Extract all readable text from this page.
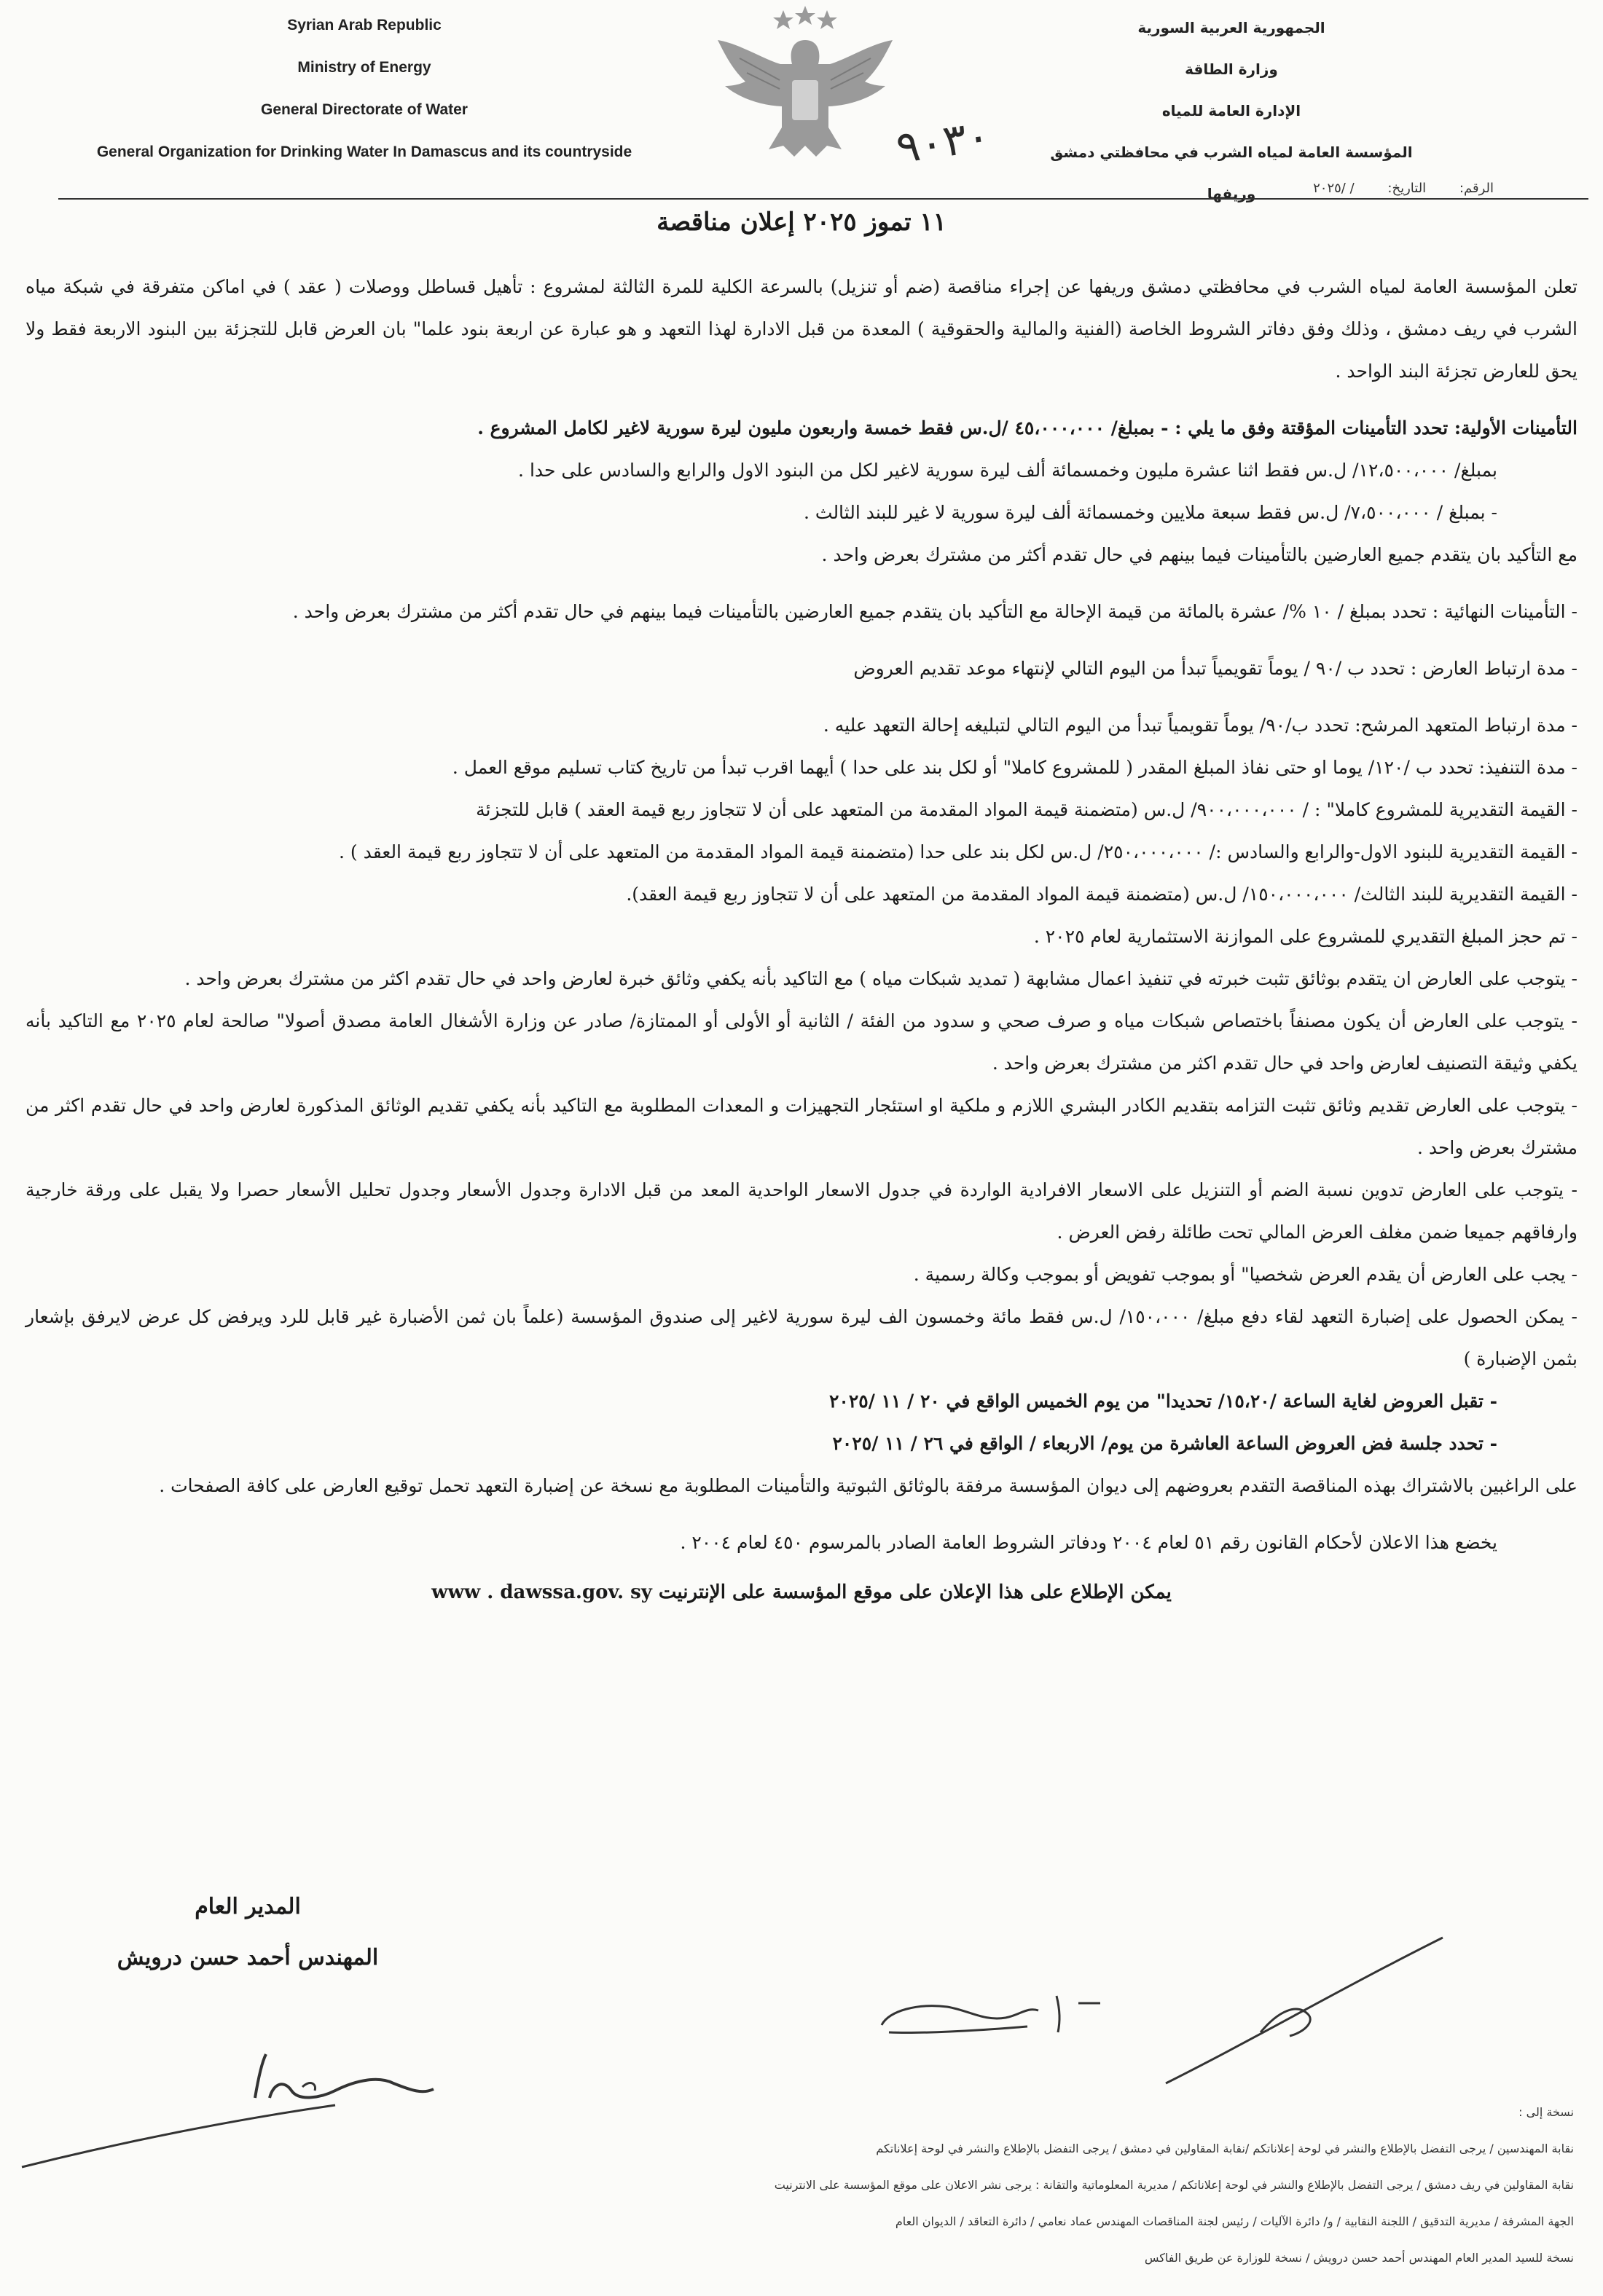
Syrian Arab Republic
Ministry of Energy
General Directorate of Water
General Organization for Drinking Water In Damascus and its countryside	٩٠٣٠
الجمهورية العربية السورية
وزارة الطاقة
الإدارة العامة للمياه
المؤسسة العامة لمياه الشرب في محافظتي دمشق وريفها	الرقم: التاريخ: / /٢٠٢٥
١١ تموز ٢٠٢٥ إعلان مناقصة

تعلن المؤسسة العامة لمياه الشرب في محافظتي دمشق وريفها عن إجراء مناقصة (ضم أو تنزيل) بالسرعة الكلية للمرة الثالثة لمشروع : تأهيل قساطل ووصلات ( عقد ) في اماكن متفرقة في شبكة مياه الشرب في ريف دمشق ، وذلك وفق دفاتر الشروط الخاصة (الفنية والمالية والحقوقية ) المعدة من قبل الادارة لهذا التعهد و هو عبارة عن اربعة بنود علما" بان العرض قابل للتجزئة بين البنود الاربعة فقط ولا يحق للعارض تجزئة البند الواحد .

التأمينات الأولية: تحدد التأمينات المؤقتة وفق ما يلي : - بمبلغ/ ٤٥،٠٠٠،٠٠٠ /ل.س فقط خمسة واربعون مليون ليرة سورية لاغير لكامل المشروع .

بمبلغ/ ١٢،٥٠٠،٠٠٠/ ل.س فقط اثنا عشرة مليون وخمسمائة ألف ليرة سورية لاغير لكل من البنود الاول والرابع والسادس على حدا .

- بمبلغ / ٧،٥٠٠،٠٠٠/ ل.س فقط سبعة ملايين وخمسمائة ألف ليرة سورية لا غير للبند الثالث .

مع التأكيد بان يتقدم جميع العارضين بالتأمينات فيما بينهم في حال تقدم أكثر من مشترك بعرض واحد .

- التأمينات النهائية : تحدد بمبلغ / ١٠ %/ عشرة بالمائة من قيمة الإحالة مع التأكيد بان يتقدم جميع العارضين بالتأمينات فيما بينهم في حال تقدم أكثر من مشترك بعرض واحد .

- مدة ارتباط العارض : تحدد ب /٩٠ / يوماً تقويمياً تبدأ من اليوم التالي لإنتهاء موعد تقديم العروض

- مدة ارتباط المتعهد المرشح: تحدد ب/٩٠/ يوماً تقويمياً تبدأ من اليوم التالي لتبليغه إحالة التعهد عليه .

- مدة التنفيذ: تحدد ب /١٢٠/ يوما او حتى نفاذ المبلغ المقدر ( للمشروع كاملا" أو لكل بند على حدا ) أيهما اقرب تبدأ من تاريخ كتاب تسليم موقع العمل .

- القيمة التقديرية للمشروع كاملا" : / ٩٠٠،٠٠٠،٠٠٠/ ل.س (متضمنة قيمة المواد المقدمة من المتعهد على أن لا تتجاوز ربع قيمة العقد ) قابل للتجزئة

- القيمة التقديرية للبنود الاول-والرابع والسادس :/ ٢٥٠،٠٠٠،٠٠٠/ ل.س لكل بند على حدا (متضمنة قيمة المواد المقدمة من المتعهد على أن لا تتجاوز ربع قيمة العقد ) .

- القيمة التقديرية للبند الثالث/ ١٥٠،٠٠٠،٠٠٠/ ل.س (متضمنة قيمة المواد المقدمة من المتعهد على أن لا تتجاوز ربع قيمة العقد).

- تم حجز المبلغ التقديري للمشروع على الموازنة الاستثمارية لعام ٢٠٢٥ .

- يتوجب على العارض ان يتقدم بوثائق تثبت خبرته في تنفيذ اعمال مشابهة ( تمديد شبكات مياه ) مع التاكيد بأنه يكفي وثائق خبرة لعارض واحد في حال تقدم اكثر من مشترك بعرض واحد .

- يتوجب على العارض أن يكون مصنفاً باختصاص شبكات مياه و صرف صحي و سدود من الفئة / الثانية أو الأولى أو الممتازة/ صادر عن وزارة الأشغال العامة مصدق أصولا" صالحة لعام ٢٠٢٥ مع التاكيد بأنه يكفي وثيقة التصنيف لعارض واحد في حال تقدم اكثر من مشترك بعرض واحد .

- يتوجب على العارض تقديم وثائق تثبت التزامه بتقديم الكادر البشري اللازم و ملكية او استئجار التجهيزات و المعدات المطلوبة مع التاكيد بأنه يكفي تقديم الوثائق المذكورة لعارض واحد في حال تقدم اكثر من مشترك بعرض واحد .

- يتوجب على العارض تدوين نسبة الضم أو التنزيل على الاسعار الافرادية الواردة في جدول الاسعار الواحدية المعد من قبل الادارة وجدول الأسعار وجدول تحليل الأسعار حصرا ولا يقبل على ورقة خارجية وارفاقهم جميعا ضمن مغلف العرض المالي تحت طائلة رفض العرض .

- يجب على العارض أن يقدم العرض شخصيا" أو بموجب تفويض أو بموجب وكالة رسمية .

- يمكن الحصول على إضبارة التعهد لقاء دفع مبلغ/ ١٥٠،٠٠٠/ ل.س فقط مائة وخمسون الف ليرة سورية لاغير إلى صندوق المؤسسة (علماً بان ثمن الأضبارة غير قابل للرد ويرفض كل عرض لايرفق بإشعار بثمن الإضبارة )

- تقبل العروض لغاية الساعة /١٥،٢٠/ تحديدا" من يوم الخميس الواقع في ٢٠ / ١١ /٢٠٢٥

- تحدد جلسة فض العروض الساعة العاشرة من يوم/ الاربعاء / الواقع في ٢٦ / ١١ /٢٠٢٥

على الراغبين بالاشتراك بهذه المناقصة التقدم بعروضهم إلى ديوان المؤسسة مرفقة بالوثائق الثبوتية والتأمينات المطلوبة مع نسخة عن إضبارة التعهد تحمل توقيع العارض على كافة الصفحات .

يخضع هذا الاعلان لأحكام القانون رقم ٥١ لعام ٢٠٠٤ ودفاتر الشروط العامة الصادر بالمرسوم ٤٥٠ لعام ٢٠٠٤ .

يمكن الإطلاع على هذا الإعلان على موقع المؤسسة على الإنترنيت www . dawssa.gov. sy

المدير العام
المهندس أحمد حسن درويش
نسخة إلى :
نقابة المهندسين / يرجى التفضل بالإطلاع والنشر في لوحة إعلاناتكم /نقابة المقاولين في دمشق / يرجى التفضل بالإطلاع والنشر في لوحة إعلاناتكم
نقابة المقاولين في ريف دمشق / يرجى التفضل بالإطلاع والنشر في لوحة إعلاناتكم / مديرية المعلوماتية والتقانة : يرجى نشر الاعلان على موقع المؤسسة على الانترنيت
الجهة المشرفة / مديرية التدقيق / اللجنة النقابية / و/ دائرة الآليات / رئيس لجنة المناقصات المهندس عماد نعامي / دائرة التعاقد / الديوان العام
نسخة للسيد المدير العام المهندس أحمد حسن درويش / نسخة للوزارة عن طريق الفاكس
